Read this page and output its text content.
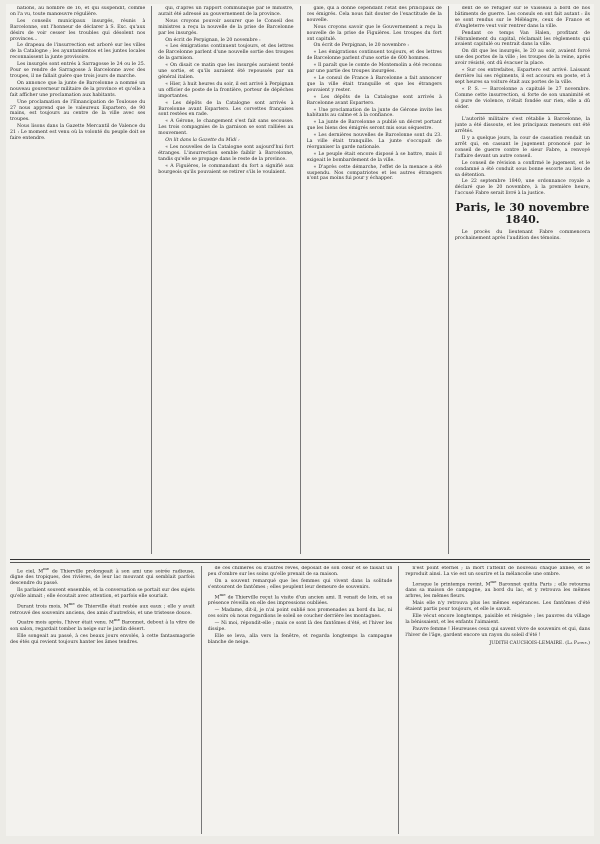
nations, au nombre de 16, et qui suspendit, comme on l'a vu, toute manœuvre régulière.

Les conseils municipaux insurgés, réunis à Barcelonne, ont l'honneur de déclarer à S. Exc. qu'aux désirs de voir cesser les troubles qui désolent nos provinces...

Le drapeau de l'insurrection est arboré sur les villes de la Catalogne ; les ayuntamientos et les juntes locales reconnaissent la junte provisoire.

Les insurgés sont entrés à Sarragosse le 24 ou le 25. Pour se rendre de Sarragosse à Barcelonne avec des troupes, il ne fallait guère que trois jours de marche.

On annonce que la junte de Barcelonne a nommé un nouveau gouverneur militaire de la province et qu'elle a fait afficher une proclamation aux habitants.

Une proclamation de l'Emancipation de Toulouse du 27 nous apprend que le valeureux Espartero, de 90 mains, est toujours au centre de la ville avec ses troupes.

Nous lisons dans la Gazette Mercantil de Valence du 21 : Le moment est venu où la volonté du peuple doit se faire entendre.

qui, d'après un rapport communiqué par le ministre, aurait été adressé au gouvernement de la province.

Nous croyons pouvoir assurer que le Conseil des ministres a reçu la nouvelle de la prise de Barcelonne par les insurgés.

On écrit de Perpignan, le 20 novembre :

« Les émigrations continuent toujours, et des lettres de Barcelonne parlent d'une nouvelle sortie des troupes de la garnison.

« On disait ce matin que les insurgés auraient tenté une sortie, et qu'ils auraient été repoussés par un général italien.

« Hier, à huit heures du soir, il est arrivé à Perpignan un officier de poste de la frontière, porteur de dépêches importantes.

« Les dépôts de la Catalogne sont arrivés à Barcelonne avant Espartero. Les corvettes françaises sont restées en rade.

« A Gérone, le changement s'est fait sans secousse. Les trois compagnies de la garnison se sont ralliées au mouvement.

On lit dans la Gazette du Midi :

« Les nouvelles de la Catalogne sont aujourd'hui fort étranges. L'insurrection semble faiblir à Barcelonne, tandis qu'elle se propage dans le reste de la province.

« A Figuières, le commandant du fort a signifié aux bourgeois qu'ils pouvaient se retirer s'ils le voulaient.

gale, qui a donné cependant l'état des principaux de ces émigrés. Cela nous fait douter de l'exactitude de la nouvelle.

Nous croyons savoir que le Gouvernement a reçu la nouvelle de la prise de Figuières. Les troupes du fort ont capitulé.

On écrit de Perpignan, le 20 novembre :

« Les émigrations continuent toujours, et des lettres de Barcelonne parlent d'une sortie de 600 hommes.

« Il paraît que le comte de Montemolin a été reconnu par une partie des troupes insurgées.

« Le consul de France à Barcelonne a fait annoncer que la ville était tranquille et que les étrangers pouvaient y rester.

« Les dépôts de la Catalogne sont arrivés à Barcelonne avant Espartero.

« Une proclamation de la junte de Gérone invite les habitants au calme et à la confiance.

« La junte de Barcelonne a publié un décret portant que les biens des émigrés seront mis sous séquestre.

« Les dernières nouvelles de Barcelonne sont du 23. La ville était tranquille. La junte s'occupait de réorganiser la garde nationale.

« Le peuple était encore disposé à se battre, mais il exigeait le bombardement de la ville.

« D'après cette démarche, l'effet de la menace a été suspendu. Nos compatriotes et les autres étrangers n'ont pas moins fui pour y échapper.

dent de se réfugier sur le vaisseau à bord de nos bâtiments de guerre. Les consuls en ont fait autant : ils se sont rendus sur le Méléagre, ceux de France et d'Angleterre veut voir rentrer dans la ville.

Pendant ce temps Van Halen, profitant de l'ébranlement du capital, réclamait les règlements qui avaient capitulé ou rentrait dans la ville.

On dit que les insurgés, le 20 au soir, avaient forcé une des portes de la ville ; les troupes de la reine, après avoir résisté, ont dû évacuer la place.

« Sur ces entrefaites, Espartero est arrivé. Laissant derrière lui ses régiments, il est accouru en poste, et à sept heures sa voiture était aux portes de la ville.

« P. S. — Barcelonne a capitulé le 27 novembre. Comme cette insurrection, si forte de son unanimité et si pure de violence, n'était fondée sur rien, elle a dû céder.

L'autorité militaire s'est rétablie à Barcelonne, la junte a été dissoute, et les principaux meneurs ont été arrêtés.

Il y a quelque jours, la cour de cassation rendait un arrêt qui, en cassant le jugement prononcé par le conseil de guerre contre le sieur Fabre, a renvoyé l'affaire devant un autre conseil.

Le conseil de révision a confirmé le jugement, et le condamné a été conduit sous bonne escorte au lieu de sa détention.

Le 22 septembre 1840, une ordonnance royale a déclaré que le 20 novembre, à la première heure, l'accusé Fabre serait livré à la justice.

Paris, le 30 novembre 1840.

Le procès du lieutenant Fabre commencera prochainement après l'audition des témoins.

Le ciel, $M^{me}$ de Thierville prolongeait à son ami une soirée radieuse, digne des tropiques, des rivières, de leur lac mouvant qui semblait parfois descendre du passé.

Ils parlaient souvent ensemble, et la conversation se portait sur des sujets qu'elle aimait ; elle écoutait avec attention, et parfois elle souriait.

Durant trois mois, $M^{me}$ de Thierville était restée aux eaux ; elle y avait retrouvé des souvenirs anciens, des amis d'autrefois, et une tristesse douce.

Quatre mois après, l'hiver était venu. $M^{me}$ Baronnet, debout à la vitre de son salon, regardait tomber la neige sur le jardin désert.

Elle songeait au passé, à ces beaux jours envolés, à cette fantasmagorie des étés qui revient toujours hanter les âmes tendres.

de ces chimères ou d'autres rêves, déposait de son cœur et se faisait un peu d'ombre sur les soins qu'elle prenait de sa maison.

On a souvent remarqué que les femmes qui vivent dans la solitude s'entourent de fantômes ; elles peuplent leur demeure de souvenirs.

$M^{me}$ de Thierville reçut la visite d'un ancien ami. Il venait de loin, et sa présence réveilla en elle des impressions oubliées.

— Madame, dit-il, je n'ai point oublié nos promenades au bord du lac, ni ces soirs où nous regardions le soleil se coucher derrière les montagnes.

— Ni moi, répondit-elle ; mais ce sont là des fantômes d'été, et l'hiver les dissipe.

Elle se leva, alla vers la fenêtre, et regarda longtemps la campagne blanche de neige.

n'est point éternel ; la mort l'atteint de nouveau chaque année, et le reproduit ainsi. La vie est un sourire et la mélancolie une ombre.

Lorsque le printemps revint, $M^{me}$ Baronnet quitta Paris ; elle retourna dans sa maison de campagne, au bord du lac, et y retrouva les mêmes arbres, les mêmes fleurs.

Mais elle n'y retrouva plus les mêmes espérances. Les fantômes d'été étaient partis pour toujours, et elle le savait.

Elle vécut encore longtemps, paisible et résignée ; les pauvres du village la bénissaient, et les enfants l'aimaient.

Pauvre femme ! Heureuses ceux qui savent vivre de souvenirs et qui, dans l'hiver de l'âge, gardent encore un rayon du soleil d'été !

JUDITH CAUCHOIS-LEMAIRE. (La Patrie.)
